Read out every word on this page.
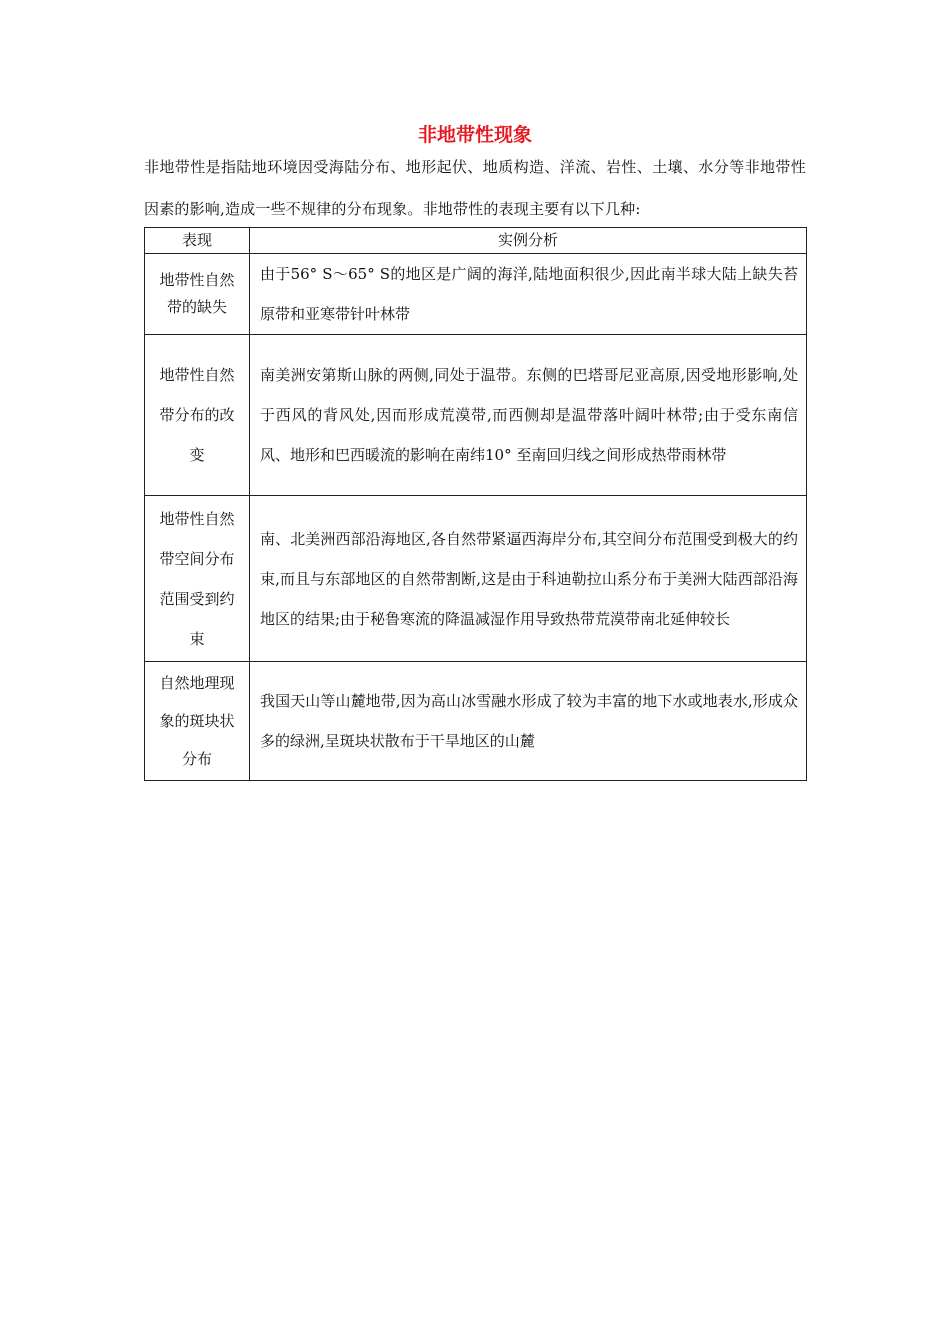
非地带性现象

非地带性是指陆地环境因受海陆分布、地形起伏、地质构造、洋流、岩性、土壤、水分等非地带性因素的影响,造成一些不规律的分布现象。非地带性的表现主要有以下几种:

表现	实例分析

地带性自然带的缺失	由于56° S～65° S的地区是广阔的海洋,陆地面积很少,因此南半球大陆上缺失苔原带和亚寒带针叶林带

地带性自然带分布的改变	南美洲安第斯山脉的两侧,同处于温带。东侧的巴塔哥尼亚高原,因受地形影响,处于西风的背风处,因而形成荒漠带,而西侧却是温带落叶阔叶林带;由于受东南信风、地形和巴西暖流的影响在南纬10° 至南回归线之间形成热带雨林带

地带性自然带空间分布范围受到约束	南、北美洲西部沿海地区,各自然带紧逼西海岸分布,其空间分布范围受到极大的约束,而且与东部地区的自然带割断,这是由于科迪勒拉山系分布于美洲大陆西部沿海地区的结果;由于秘鲁寒流的降温减湿作用导致热带荒漠带南北延伸较长

自然地理现象的斑块状分布	我国天山等山麓地带,因为高山冰雪融水形成了较为丰富的地下水或地表水,形成众多的绿洲,呈斑块状散布于干旱地区的山麓
